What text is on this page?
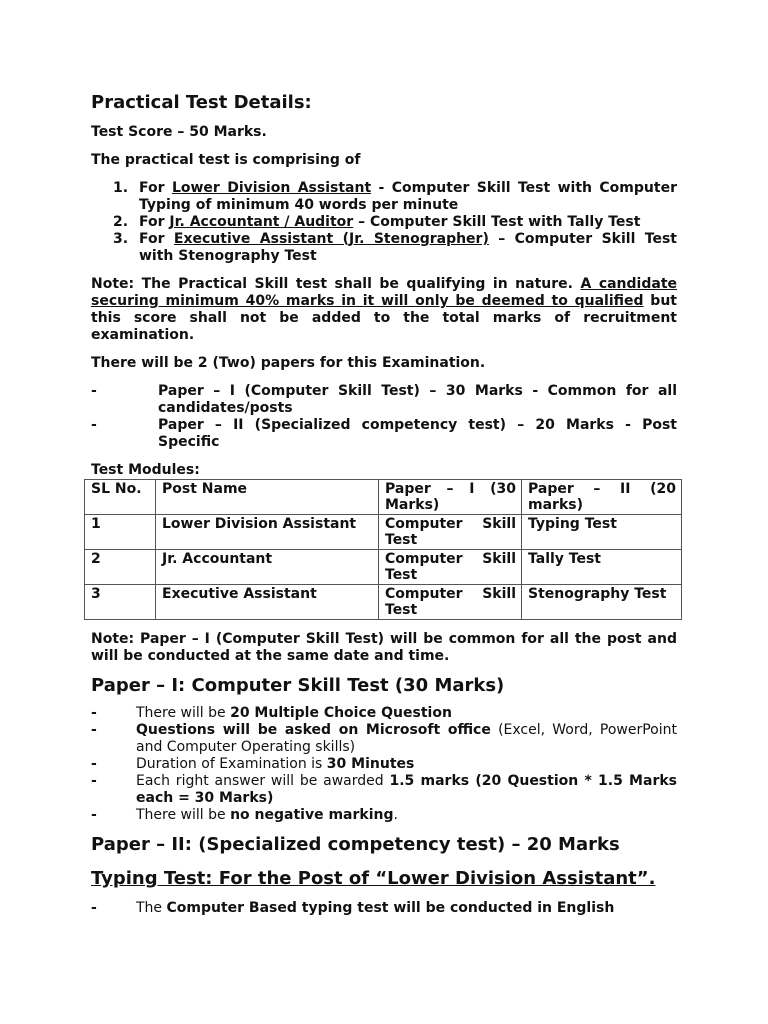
Practical Test Details:

Test Score – 50 Marks.

The practical test is comprising of

1. For Lower Division Assistant - Computer Skill Test with Computer Typing of minimum 40 words per minute
2. For Jr. Accountant / Auditor – Computer Skill Test with Tally Test
3. For Executive Assistant (Jr. Stenographer) – Computer Skill Test with Stenography Test

Note: The Practical Skill test shall be qualifying in nature. A candidate securing minimum 40% marks in it will only be deemed to qualified but this score shall not be added to the total marks of recruitment examination.

There will be 2 (Two) papers for this Examination.

-	Paper – I (Computer Skill Test) – 30 Marks - Common for all candidates/posts
-	Paper – II (Specialized competency test) – 20 Marks - Post Specific

Test Modules:

SL No.	Post Name	Paper – I (30 Marks)	Paper – II (20 marks)
1	Lower Division Assistant	Computer Skill Test	Typing Test
2	Jr. Accountant	Computer Skill Test	Tally Test
3	Executive Assistant	Computer Skill Test	Stenography Test

Note: Paper – I (Computer Skill Test) will be common for all the post and will be conducted at the same date and time.

Paper – I: Computer Skill Test (30 Marks)
-	There will be 20 Multiple Choice Question
-	Questions will be asked on Microsoft office (Excel, Word, PowerPoint and Computer Operating skills)
-	Duration of Examination is 30 Minutes
-	Each right answer will be awarded 1.5 marks (20 Question * 1.5 Marks each = 30 Marks)
-	There will be no negative marking.
Paper – II: (Specialized competency test) – 20 Marks
Typing Test: For the Post of “Lower Division Assistant”.
-	The Computer Based typing test will be conducted in English
